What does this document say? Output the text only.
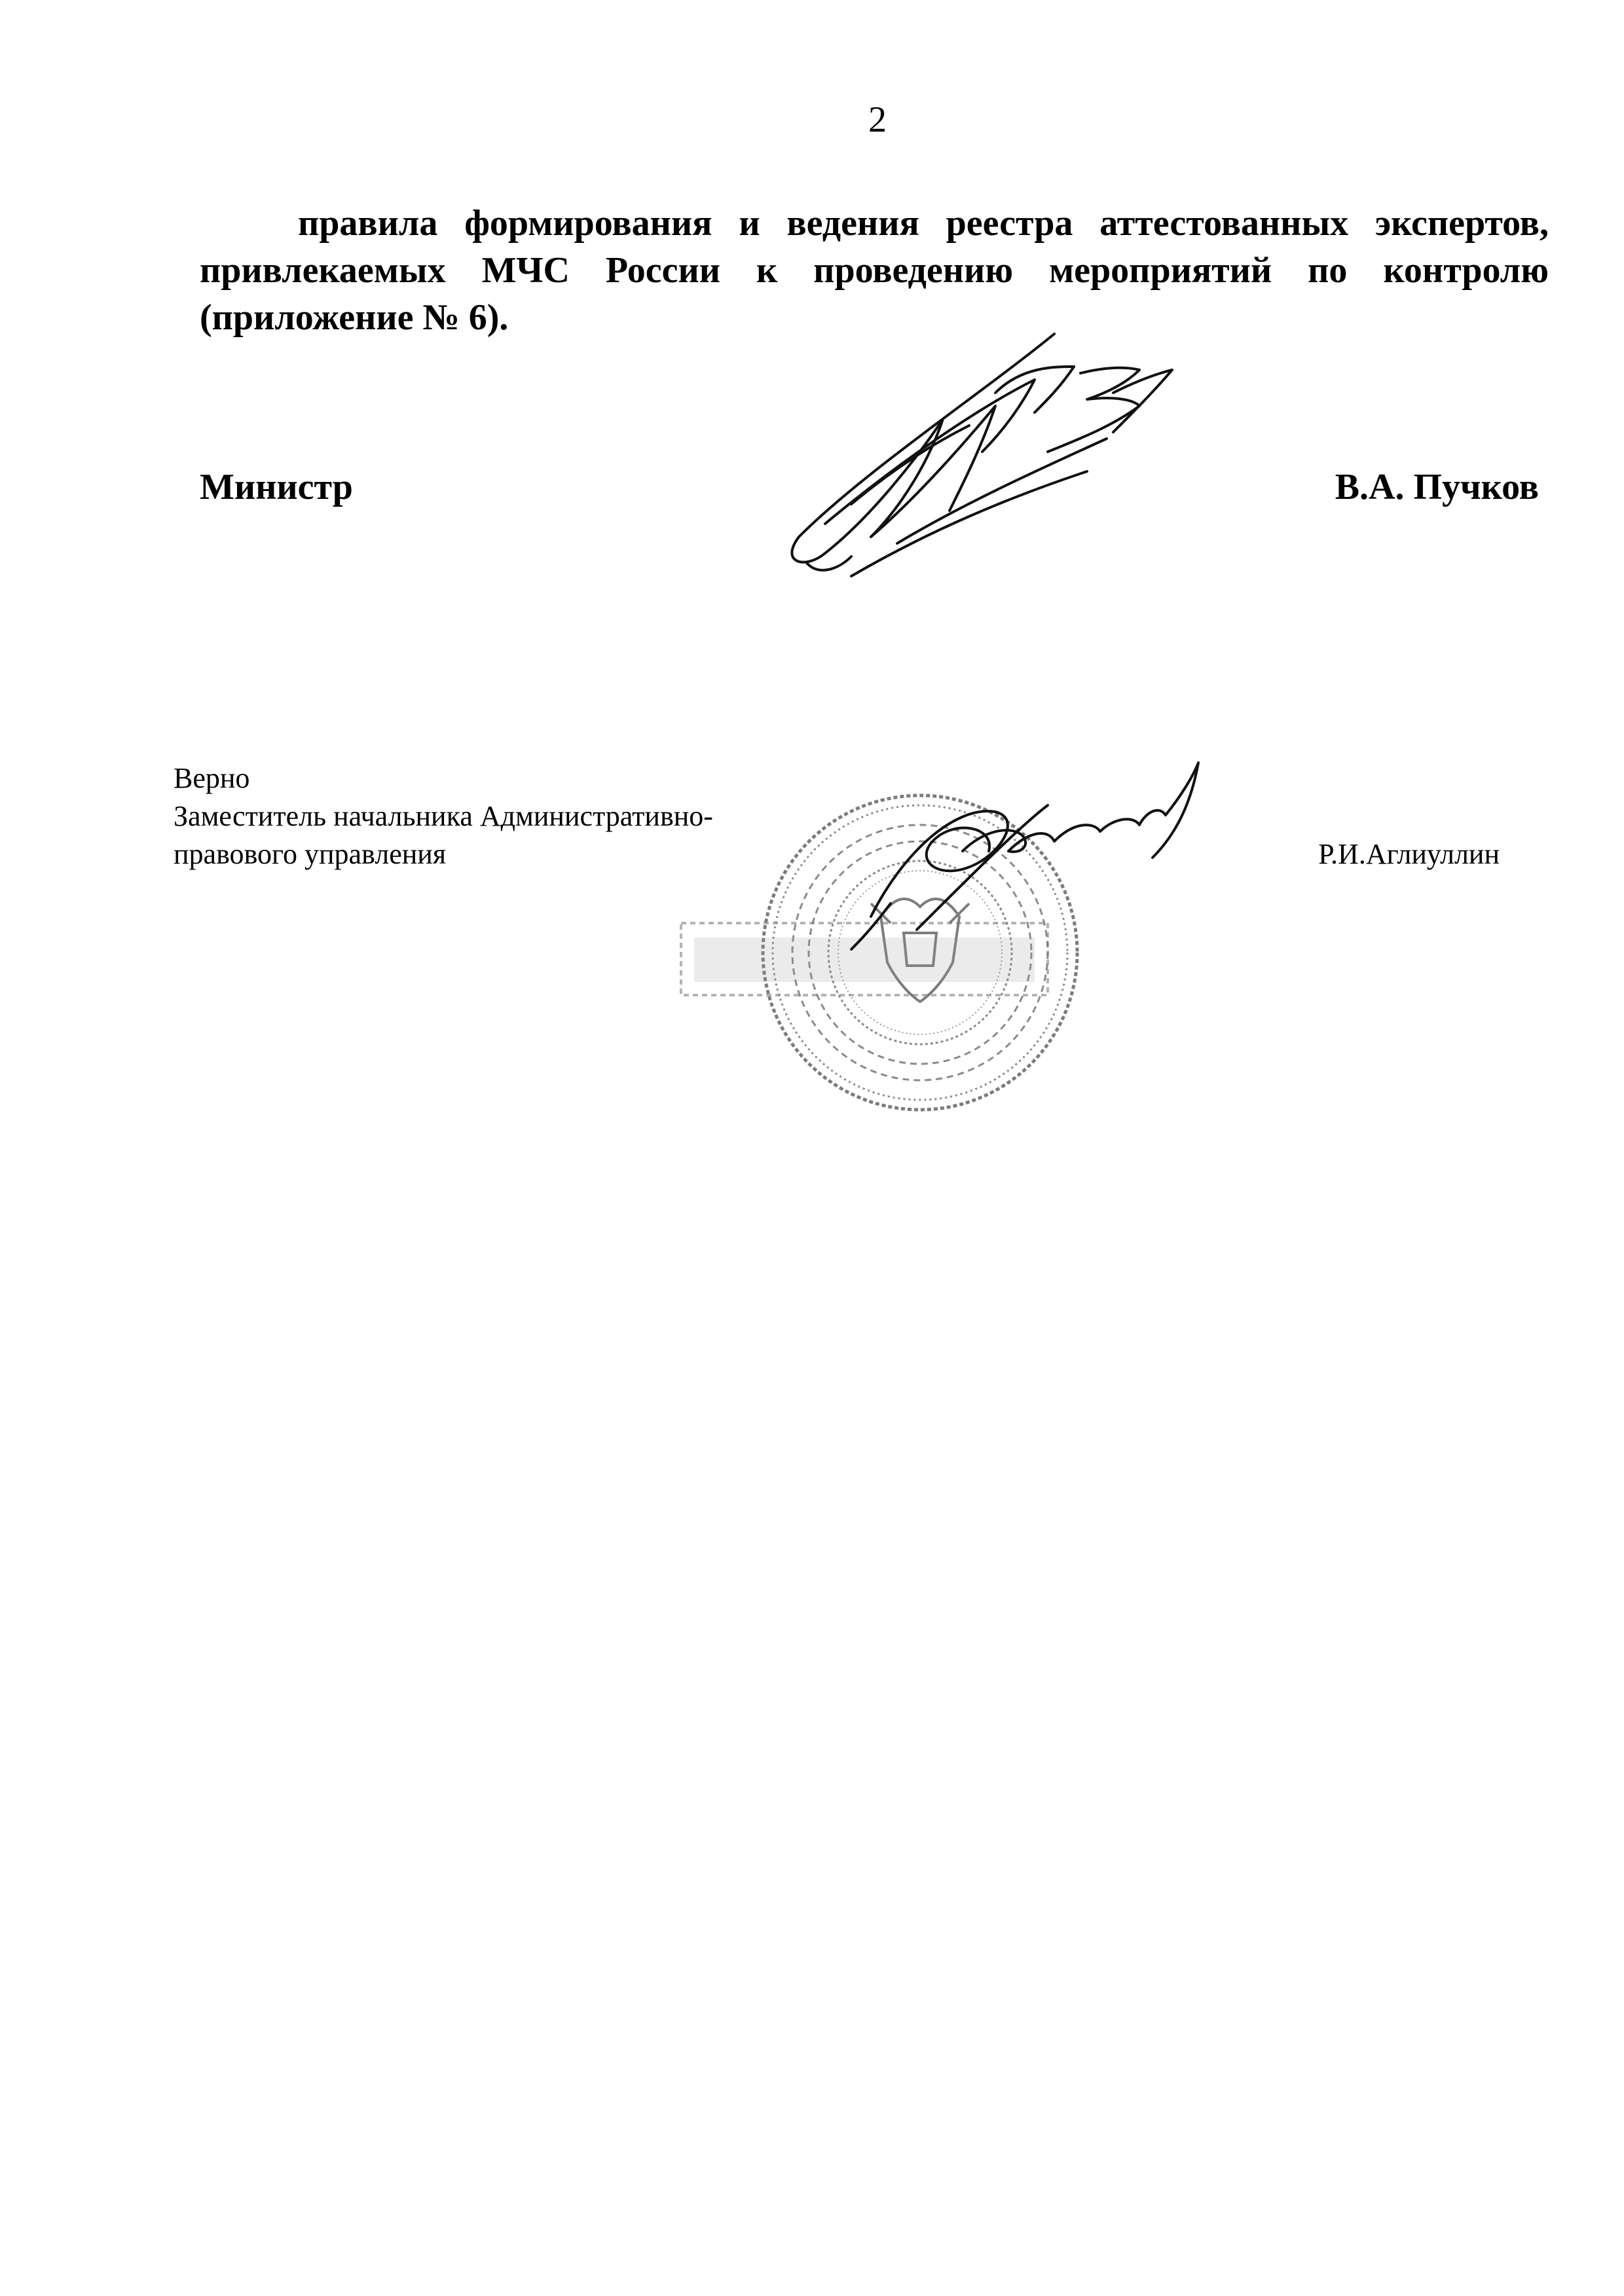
2
правила формирования и ведения реестра аттестованных экспертов,
привлекаемых МЧС России к проведению мероприятий по контролю
(приложение № 6).
Министр	В.А. Пучков
Верно
Заместитель начальника Административно-
правового управления	Р.И.Аглиуллин
